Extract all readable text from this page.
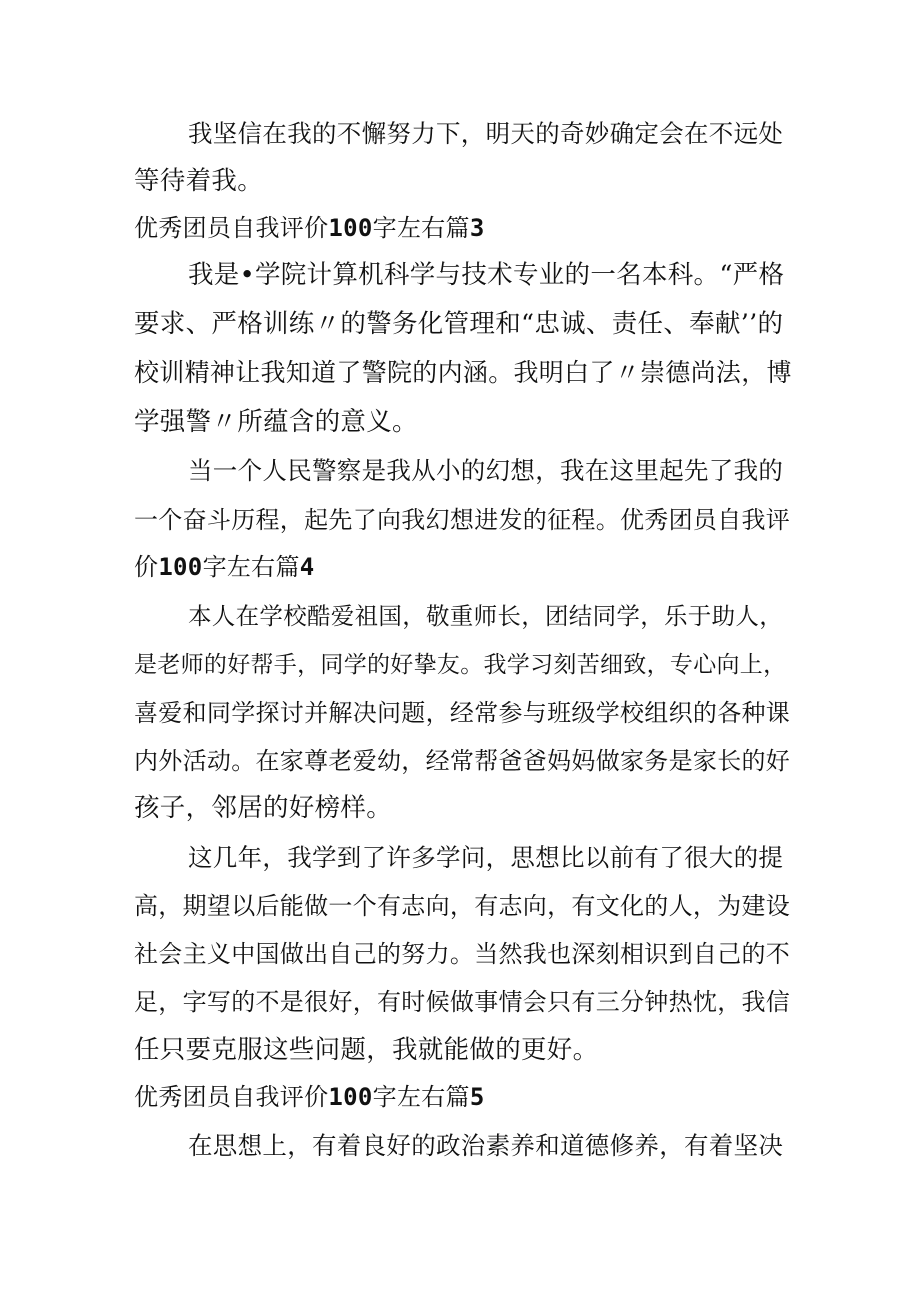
我坚信在我的不懈努力下，明天的奇妙确定会在不远处
等待着我。
优秀团员自我评价100字左右篇3
我是•学院计算机科学与技术专业的一名本科。“严格
要求、严格训练〃的警务化管理和“忠诚、责任、奉献’’的
校训精神让我知道了警院的内涵。我明白了〃崇德尚法，博
学强警〃所蕴含的意义。
当一个人民警察是我从小的幻想，我在这里起先了我的
一个奋斗历程，起先了向我幻想进发的征程。优秀团员自我评
价100字左右篇4
本人在学校酷爱祖国，敬重师长，团结同学，乐于助人，
是老师的好帮手，同学的好挚友。我学习刻苦细致，专心向上，
喜爱和同学探讨并解决问题，经常参与班级学校组织的各种课
内外活动。在家尊老爱幼，经常帮爸爸妈妈做家务是家长的好
孩子，邻居的好榜样。
这几年，我学到了许多学问，思想比以前有了很大的提
高，期望以后能做一个有志向，有志向，有文化的人，为建设
社会主义中国做出自己的努力。当然我也深刻相识到自己的不
足，字写的不是很好，有时候做事情会只有三分钟热忱，我信
任只要克服这些问题，我就能做的更好。
优秀团员自我评价100字左右篇5
在思想上，有着良好的政治素养和道德修养，有着坚决
